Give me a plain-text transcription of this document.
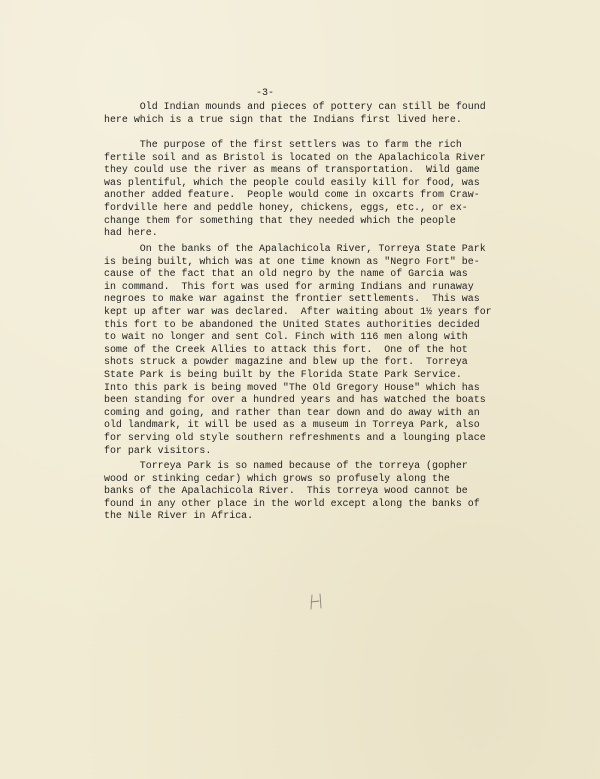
-3-

Old Indian mounds and pieces of pottery can still be found
here which is a true sign that the Indians first lived here.

The purpose of the first settlers was to farm the rich
fertile soil and as Bristol is located on the Apalachicola River
they could use the river as means of transportation.  Wild game
was plentiful, which the people could easily kill for food, was
another added feature.  People would come in oxcarts from Craw-
fordville here and peddle honey, chickens, eggs, etc., or ex-
change them for something that they needed which the people
had here.

On the banks of the Apalachicola River, Torreya State Park
is being built, which was at one time known as "Negro Fort" be-
cause of the fact that an old negro by the name of Garcia was
in command.  This fort was used for arming Indians and runaway
negroes to make war against the frontier settlements.  This was
kept up after war was declared.  After waiting about 1½ years for
this fort to be abandoned the United States authorities decided
to wait no longer and sent Col. Finch with 116 men along with
some of the Creek Allies to attack this fort.  One of the hot
shots struck a powder magazine and blew up the fort.  Torreya
State Park is being built by the Florida State Park Service.
Into this park is being moved "The Old Gregory House" which has
been standing for over a hundred years and has watched the boats
coming and going, and rather than tear down and do away with an
old landmark, it will be used as a museum in Torreya Park, also
for serving old style southern refreshments and a lounging place
for park visitors.

Torreya Park is so named because of the torreya (gopher
wood or stinking cedar) which grows so profusely along the
banks of the Apalachicola River.  This torreya wood cannot be
found in any other place in the world except along the banks of
the Nile River in Africa.
